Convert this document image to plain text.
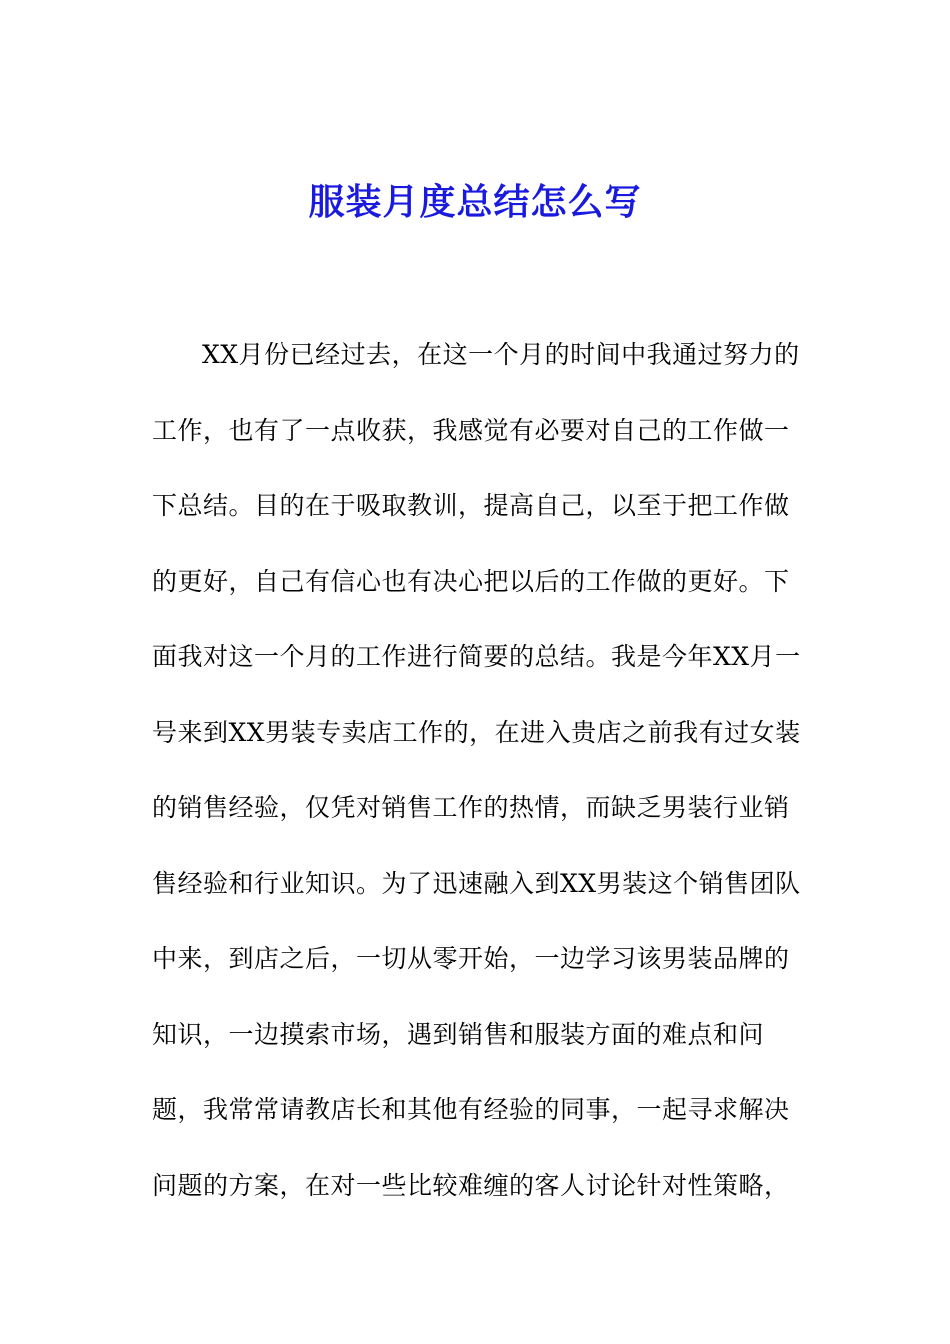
服装月度总结怎么写
XX月份已经过去，在这一个月的时间中我通过努力的
工作，也有了一点收获，我感觉有必要对自己的工作做一
下总结。目的在于吸取教训，提高自己，以至于把工作做
的更好，自己有信心也有决心把以后的工作做的更好。下
面我对这一个月的工作进行简要的总结。我是今年XX月一
号来到XX男装专卖店工作的，在进入贵店之前我有过女装
的销售经验，仅凭对销售工作的热情，而缺乏男装行业销
售经验和行业知识。为了迅速融入到XX男装这个销售团队
中来，到店之后，一切从零开始，一边学习该男装品牌的
知识，一边摸索市场，遇到销售和服装方面的难点和问
题，我常常请教店长和其他有经验的同事，一起寻求解决
问题的方案，在对一些比较难缠的客人讨论针对性策略，
